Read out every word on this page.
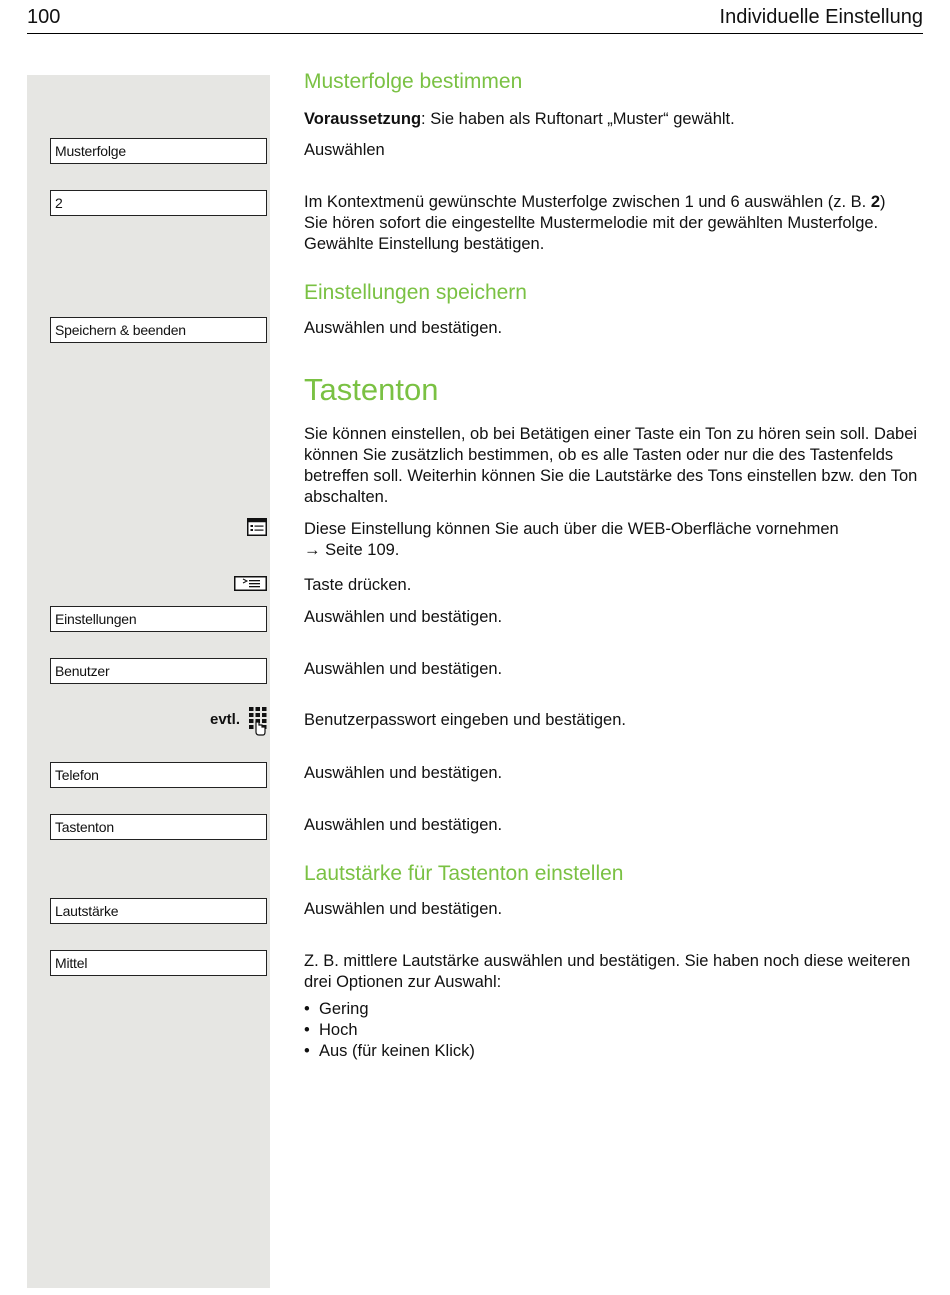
100	Individuelle Einstellung
Musterfolge bestimmen
Voraussetzung: Sie haben als Ruftonart „Muster“ gewählt.
Musterfolge	Auswählen
2	Im Kontextmenü gewünschte Musterfolge zwischen 1 und 6 auswählen (z. B. 2)
Sie hören sofort die eingestellte Mustermelodie mit der gewählten Musterfolge.
Gewählte Einstellung bestätigen.
Einstellungen speichern
Speichern & beenden	Auswählen und bestätigen.
Tastenton
Sie können einstellen, ob bei Betätigen einer Taste ein Ton zu hören sein soll. Dabei können Sie zusätzlich bestimmen, ob es alle Tasten oder nur die des Tastenfelds betreffen soll. Weiterhin können Sie die Lautstärke des Tons einstellen bzw. den Ton abschalten.
Diese Einstellung können Sie auch über die WEB-Oberfläche vornehmen
→ Seite 109.
Taste drücken.
Einstellungen	Auswählen und bestätigen.
Benutzer	Auswählen und bestätigen.
evtl.	Benutzerpasswort eingeben und bestätigen.
Telefon	Auswählen und bestätigen.
Tastenton	Auswählen und bestätigen.
Lautstärke für Tastenton einstellen
Lautstärke	Auswählen und bestätigen.
Mittel	Z. B. mittlere Lautstärke auswählen und bestätigen. Sie haben noch diese weiteren drei Optionen zur Auswahl:
• Gering
• Hoch
• Aus (für keinen Klick)
